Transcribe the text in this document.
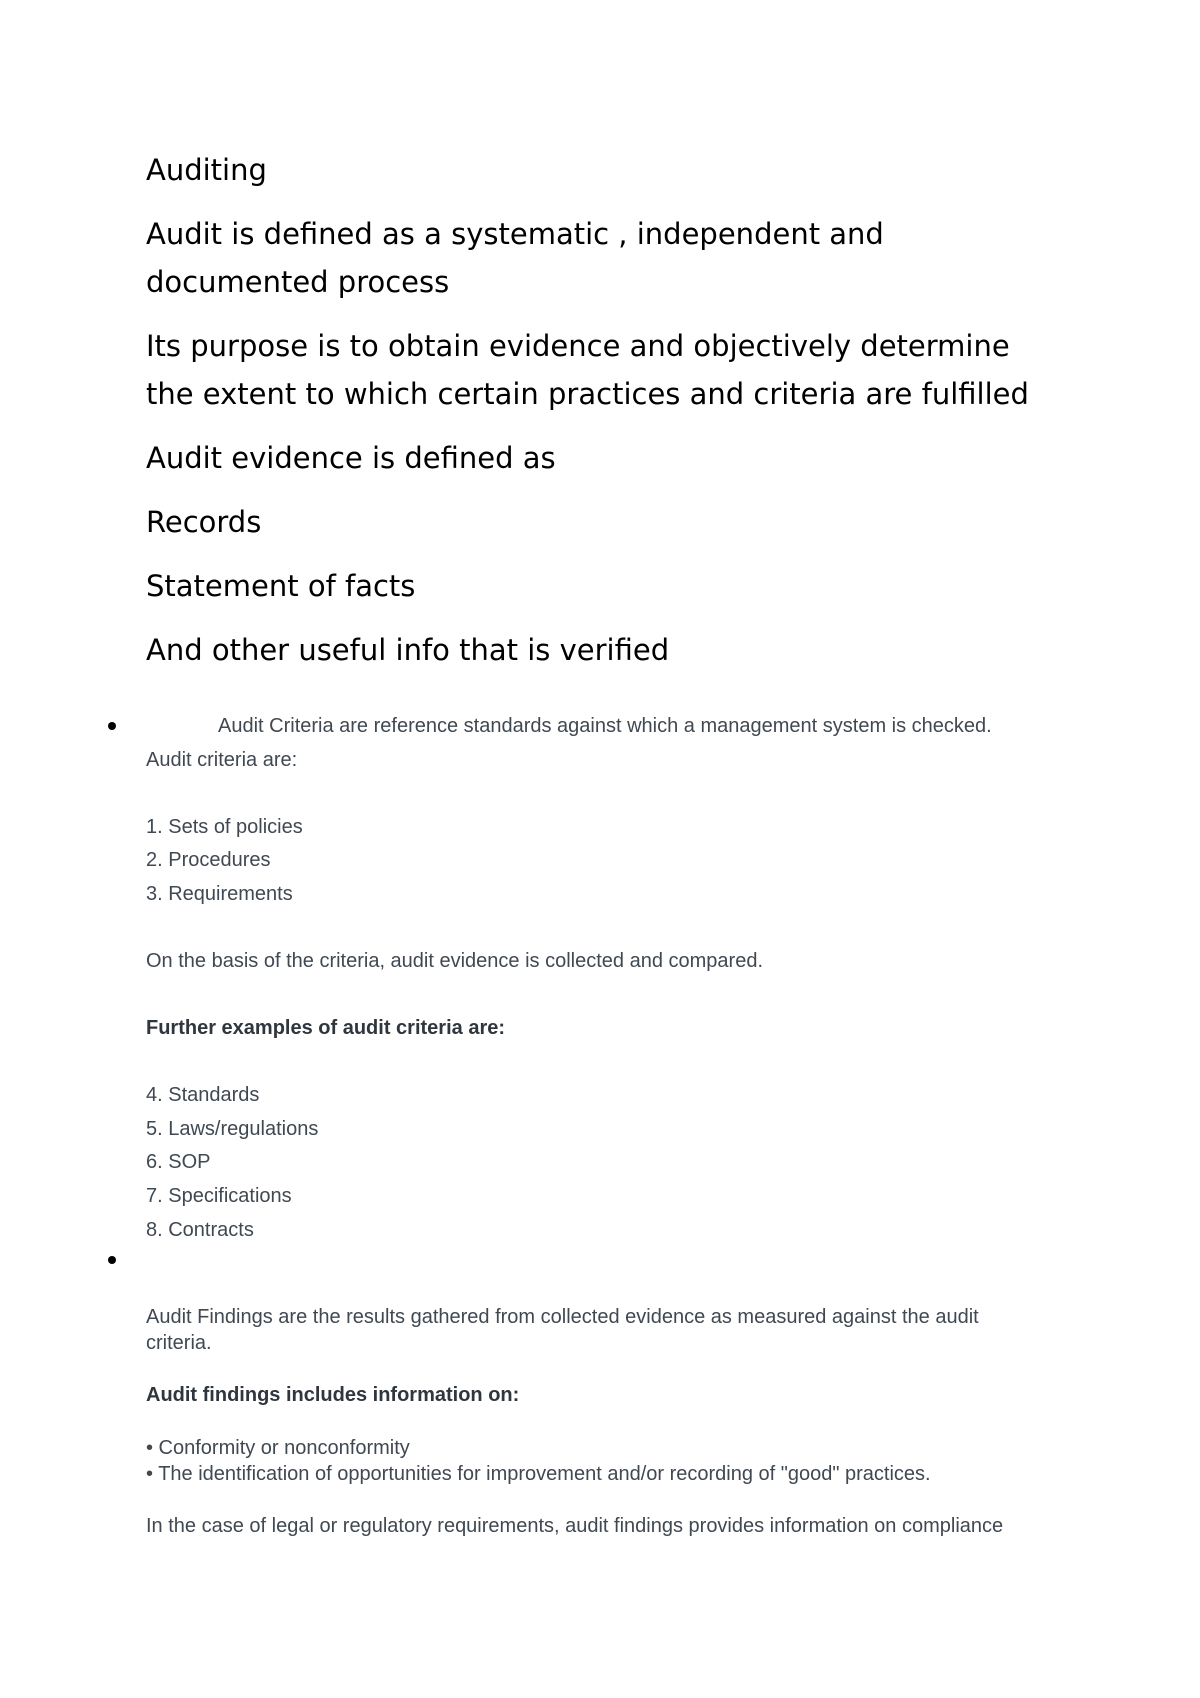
Auditing

Audit is defined as a systematic , independent and

documented process

Its purpose is to obtain evidence and objectively determine

the extent to which certain practices and criteria are fulfilled

Audit evidence is defined as

Records

Statement of facts

And other useful info that is verified

Audit Criteria are reference standards against which a management system is checked.

Audit criteria are:

1. Sets of policies

2. Procedures

3. Requirements

On the basis of the criteria, audit evidence is collected and compared.

Further examples of audit criteria are:

4. Standards

5. Laws/regulations

6. SOP

7. Specifications

8. Contracts

Audit Findings are the results gathered from collected evidence as measured against the audit

criteria.

Audit findings includes information on:

• Conformity or nonconformity

• The identification of opportunities for improvement and/or recording of "good" practices.

In the case of legal or regulatory requirements, audit findings provides information on compliance
